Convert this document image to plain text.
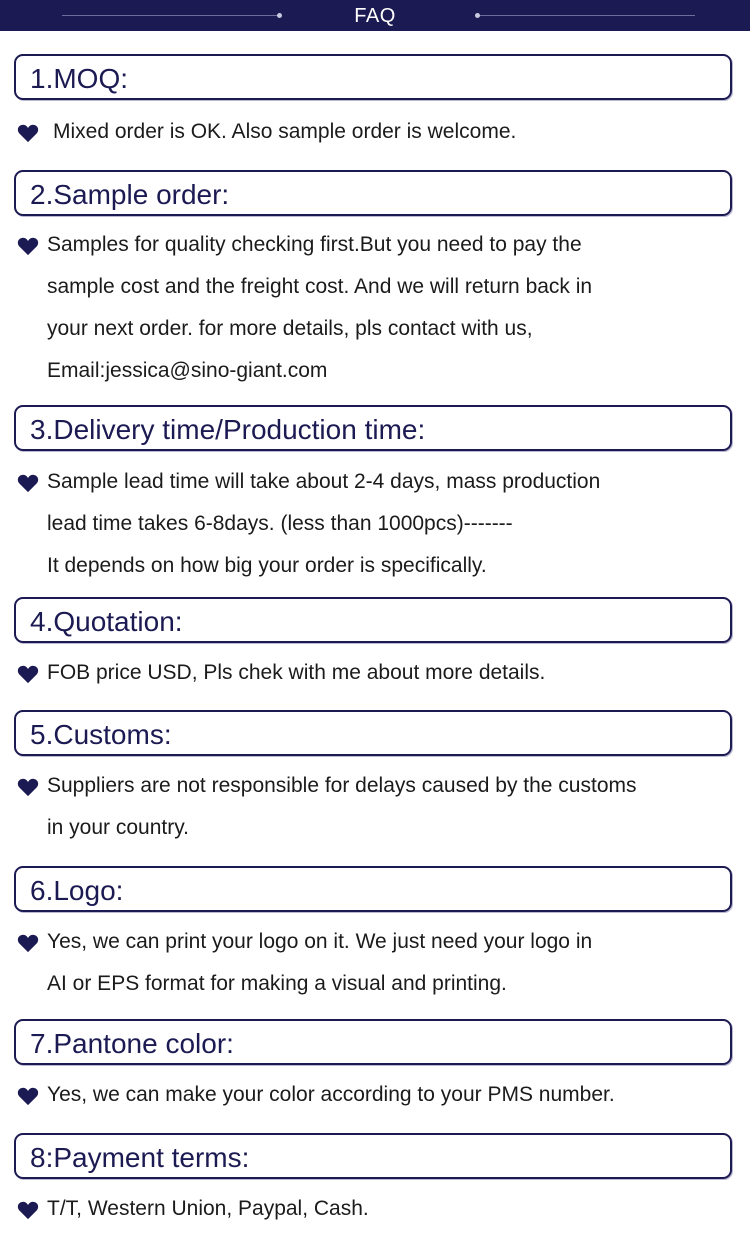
FAQ
1.MOQ:
Mixed order is OK. Also sample order is welcome.
2.Sample order:
Samples for quality checking first.But you need to pay the
sample cost and the freight cost. And we will return back in
your next order. for more details, pls contact with us,
Email:jessica@sino-giant.com
3.Delivery time/Production time:
Sample lead time will take about 2-4 days, mass production
lead time takes 6-8days. (less than 1000pcs)-------
It depends on how big your order is specifically.
4.Quotation:
FOB price USD, Pls chek with me about more details.
5.Customs:
Suppliers are not responsible for delays caused by the customs
in your country.
6.Logo:
Yes, we can print your logo on it. We just need your logo in
AI or EPS format for making a visual and printing.
7.Pantone color:
Yes, we can make your color according to your PMS number.
8:Payment terms:
T/T, Western Union, Paypal, Cash.
